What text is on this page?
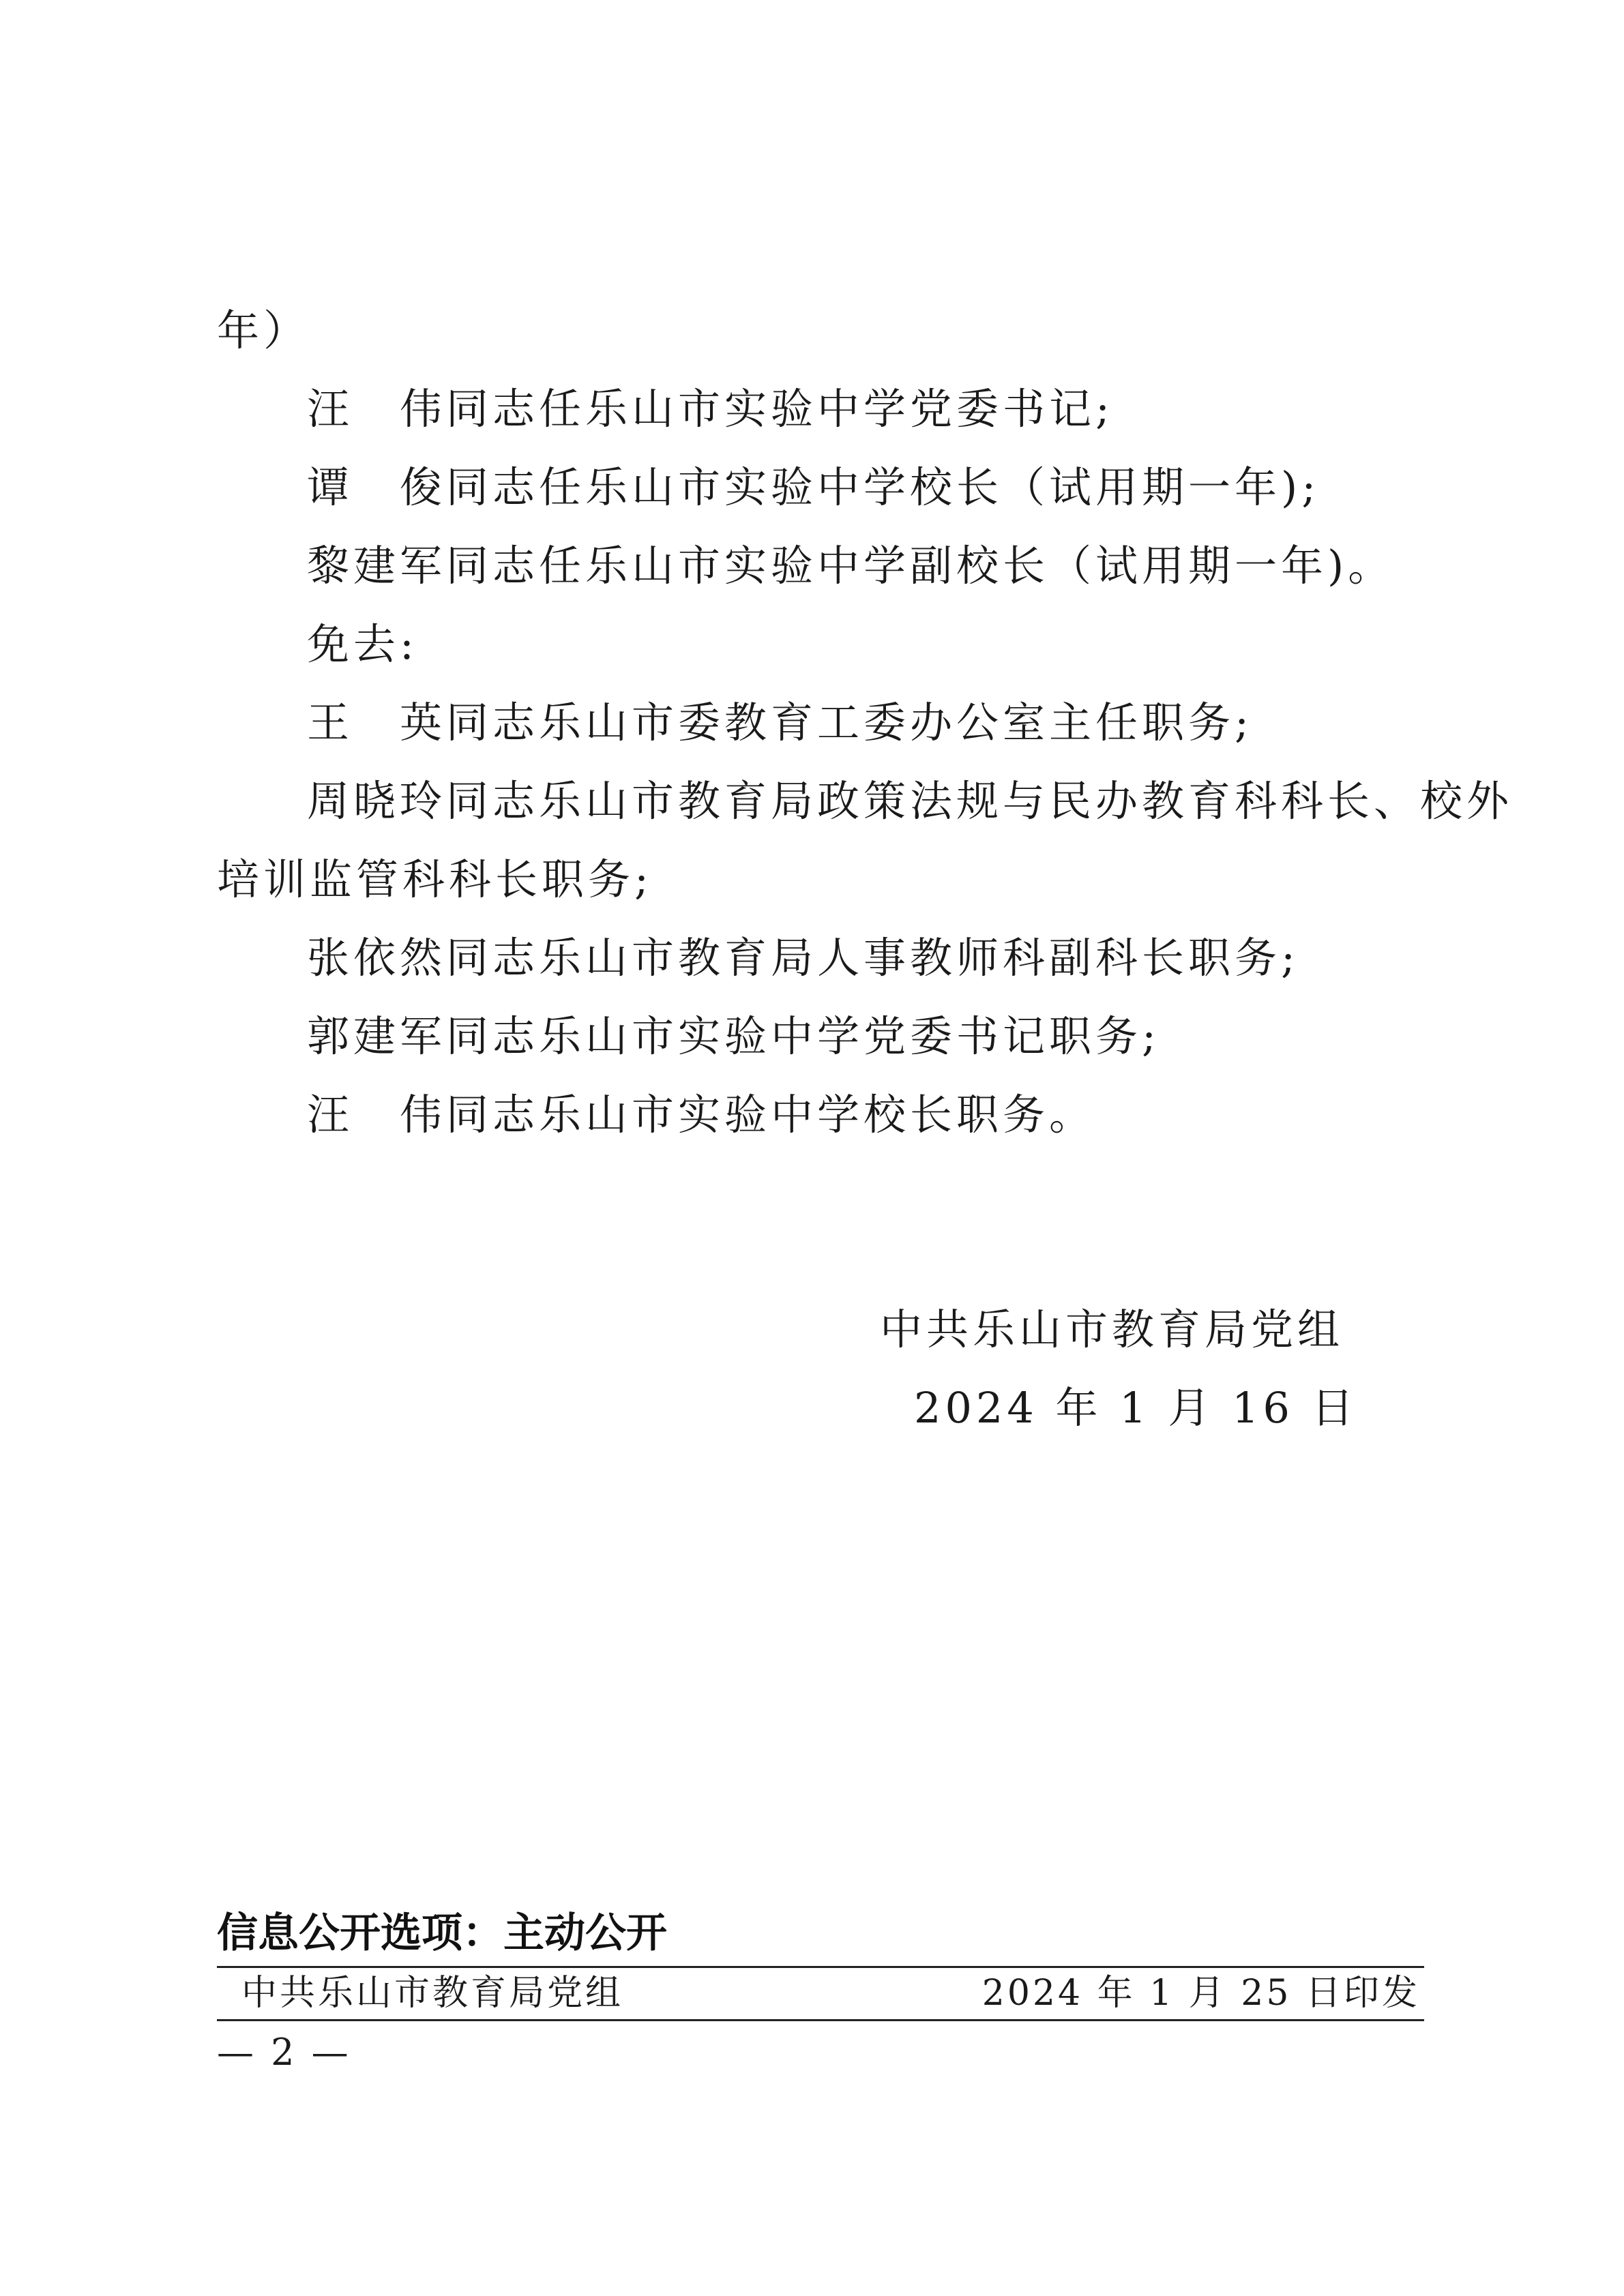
年）
汪　伟同志任乐山市实验中学党委书记;
谭　俊同志任乐山市实验中学校长（试用期一年);
黎建军同志任乐山市实验中学副校长（试用期一年)。
免去:
王　英同志乐山市委教育工委办公室主任职务;
周晓玲同志乐山市教育局政策法规与民办教育科科长、校外
培训监管科科长职务;
张依然同志乐山市教育局人事教师科副科长职务;
郭建军同志乐山市实验中学党委书记职务;
汪　伟同志乐山市实验中学校长职务。
中共乐山市教育局党组
2024 年 1 月 16 日
信息公开选项：主动公开
中共乐山市教育局党组	2024 年 1 月 25 日印发
— 2 —
